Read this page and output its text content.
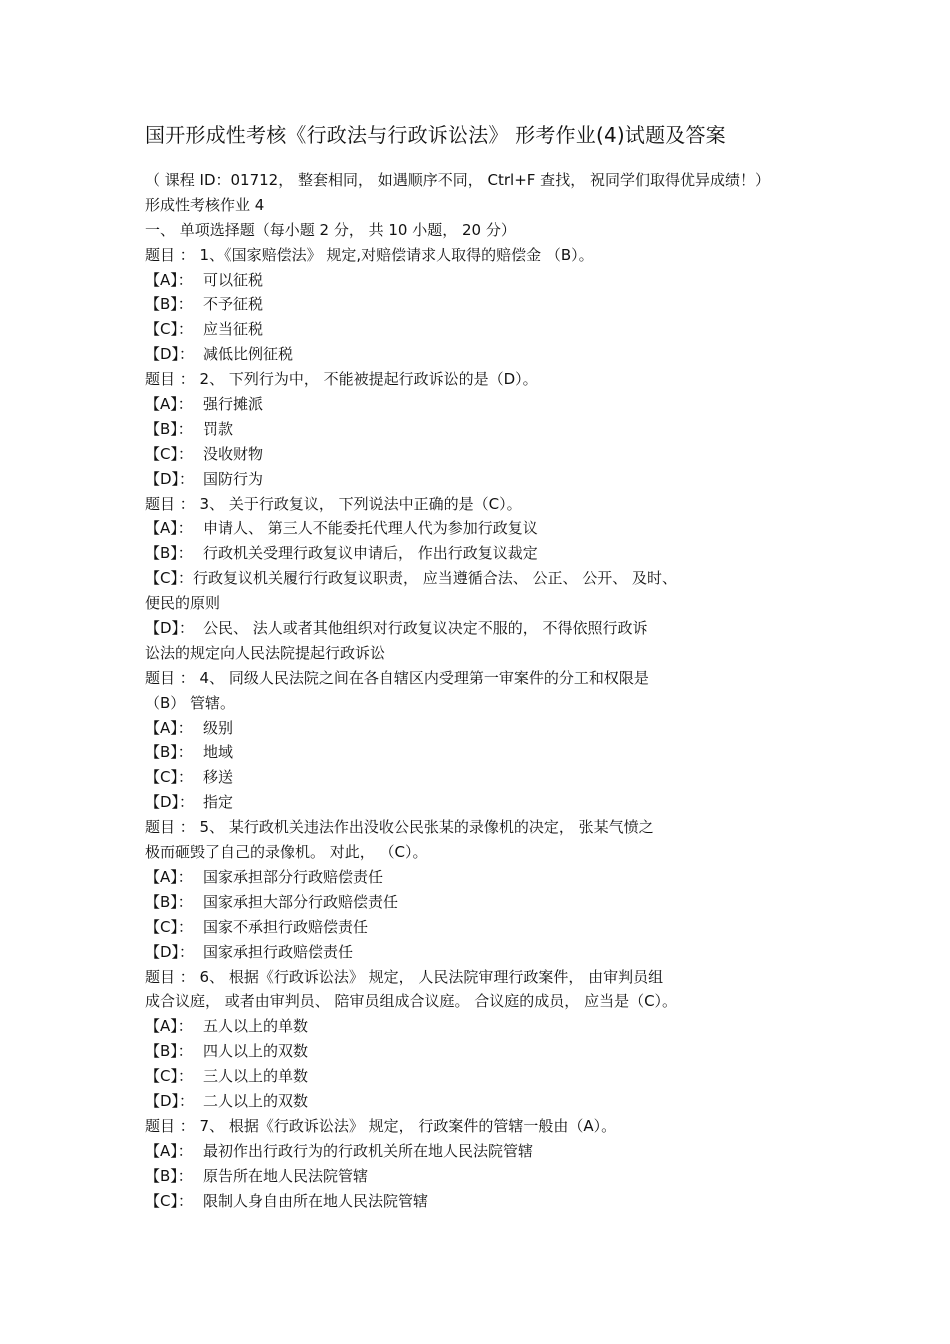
国开形成性考核《行政法与行政诉讼法》 形考作业(4)试题及答案
（ 课程 ID：01712， 整套相同， 如遇顺序不同， Ctrl+F 查找， 祝同学们取得优异成绩！）
形成性考核作业 4
一、 单项选择题（每小题 2 分， 共 10 小题， 20 分）
题目 ： 1、《国家赔偿法》 规定,对赔偿请求人取得的赔偿金 （B）。
【A】： 可以征税
【B】： 不予征税
【C】： 应当征税
【D】： 减低比例征税
题目 ： 2、 下列行为中， 不能被提起行政诉讼的是（D）。
【A】： 强行摊派
【B】： 罚款
【C】： 没收财物
【D】： 国防行为
题目 ： 3、 关于行政复议， 下列说法中正确的是（C）。
【A】： 申请人、 第三人不能委托代理人代为参加行政复议
【B】： 行政机关受理行政复议申请后， 作出行政复议裁定
【C】：行政复议机关履行行政复议职责， 应当遵循合法、 公正、 公开、 及时、
便民的原则
【D】： 公民、 法人或者其他组织对行政复议决定不服的， 不得依照行政诉
讼法的规定向人民法院提起行政诉讼
题目 ： 4、 同级人民法院之间在各自辖区内受理第一审案件的分工和权限是
（B） 管辖。
【A】： 级别
【B】： 地域
【C】： 移送
【D】： 指定
题目 ： 5、 某行政机关违法作出没收公民张某的录像机的决定， 张某气愤之
极而砸毁了自己的录像机。 对此， （C）。
【A】： 国家承担部分行政赔偿责任
【B】： 国家承担大部分行政赔偿责任
【C】： 国家不承担行政赔偿责任
【D】： 国家承担行政赔偿责任
题目 ： 6、 根据《行政诉讼法》 规定， 人民法院审理行政案件， 由审判员组
成合议庭， 或者由审判员、 陪审员组成合议庭。 合议庭的成员， 应当是（C）。
【A】： 五人以上的单数
【B】： 四人以上的双数
【C】： 三人以上的单数
【D】： 二人以上的双数
题目 ： 7、 根据《行政诉讼法》 规定， 行政案件的管辖一般由（A）。
【A】： 最初作出行政行为的行政机关所在地人民法院管辖
【B】： 原告所在地人民法院管辖
【C】： 限制人身自由所在地人民法院管辖
